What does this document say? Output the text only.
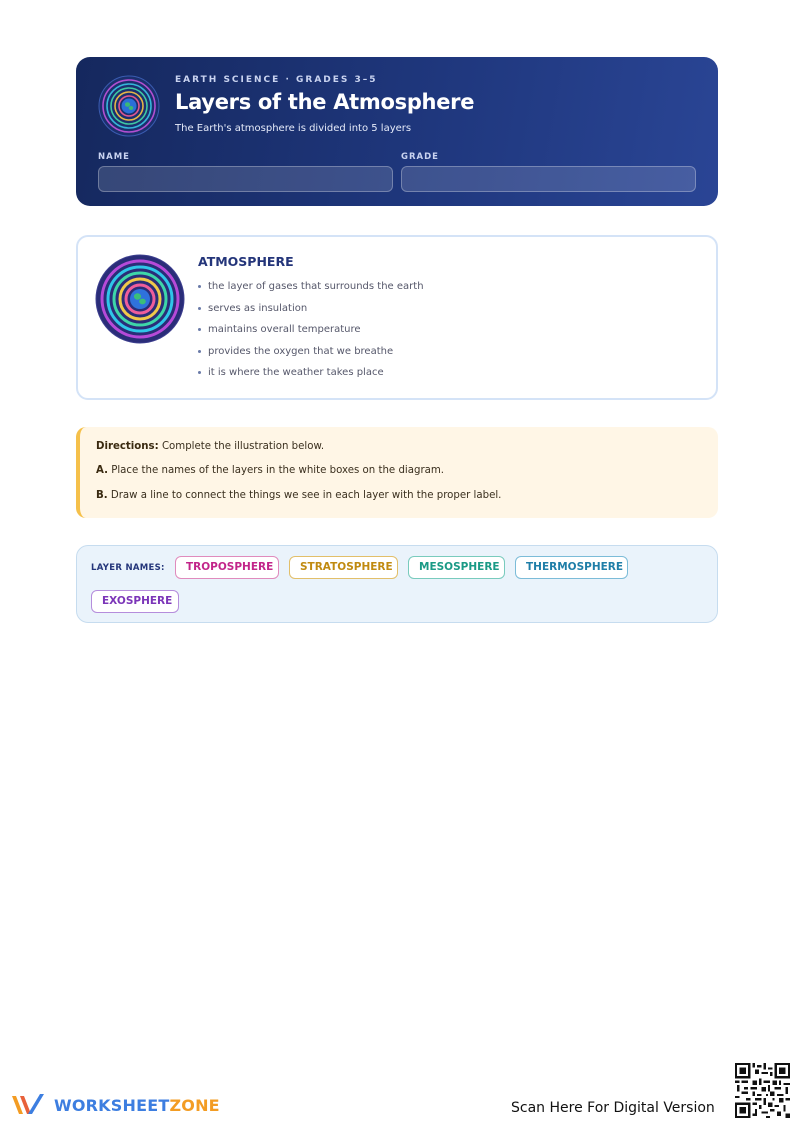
EARTH SCIENCE · GRADES 3–5
Layers of the Atmosphere
The Earth's atmosphere is divided into 5 layers
NAME	GRADE
ATMOSPHERE
the layer of gases that surrounds the earth
serves as insulation
maintains overall temperature
provides the oxygen that we breathe
it is where the weather takes place
Directions: Complete the illustration below.
A. Place the names of the layers in the white boxes on the diagram.
B. Draw a line to connect the things we see in each layer with the proper label.
LAYER NAMES:	TROPOSPHERE	STRATOSPHERE	MESOSPHERE	THERMOSPHERE
EXOSPHERE
WORKSHEETZONE	Scan Here For Digital Version
